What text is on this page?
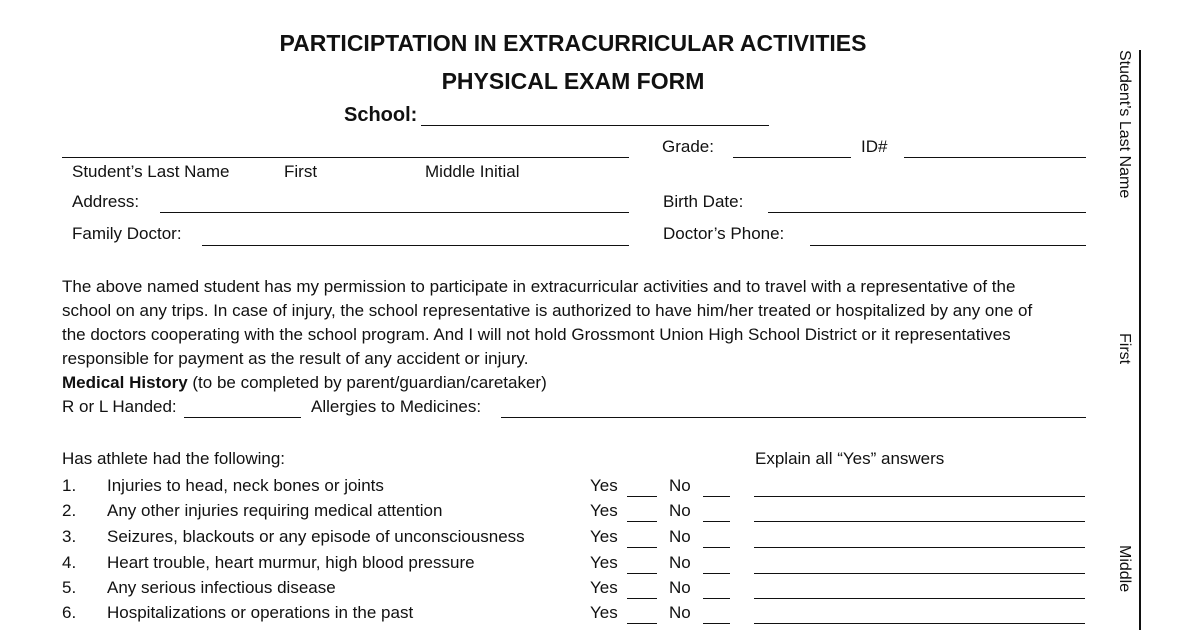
PARTICIPTATION IN EXTRACURRICULAR ACTIVITIES
PHYSICAL EXAM FORM
School:
Grade:	ID#
Student’s Last Name	First	Middle Initial
Address:	Birth Date:
Family Doctor:	Doctor’s Phone:
The above named student has my permission to participate in extracurricular activities and to travel with a representative of the
school on any trips. In case of injury, the school representative is authorized to have him/her treated or hospitalized by any one of
the doctors cooperating with the school program. And I will not hold Grossmont Union High School District or it representatives
responsible for payment as the result of any accident or injury.
Medical History (to be completed by parent/guardian/caretaker)
R or L Handed:	Allergies to Medicines:
Has athlete had the following:	Explain all “Yes” answers
1. Injuries to head, neck bones or joints	Yes	No
2. Any other injuries requiring medical attention	Yes	No
3. Seizures, blackouts or any episode of unconsciousness	Yes	No
4. Heart trouble, heart murmur, high blood pressure	Yes	No
5. Any serious infectious disease	Yes	No
6. Hospitalizations or operations in the past	Yes	No
Student’s Last Name
First
Middle
